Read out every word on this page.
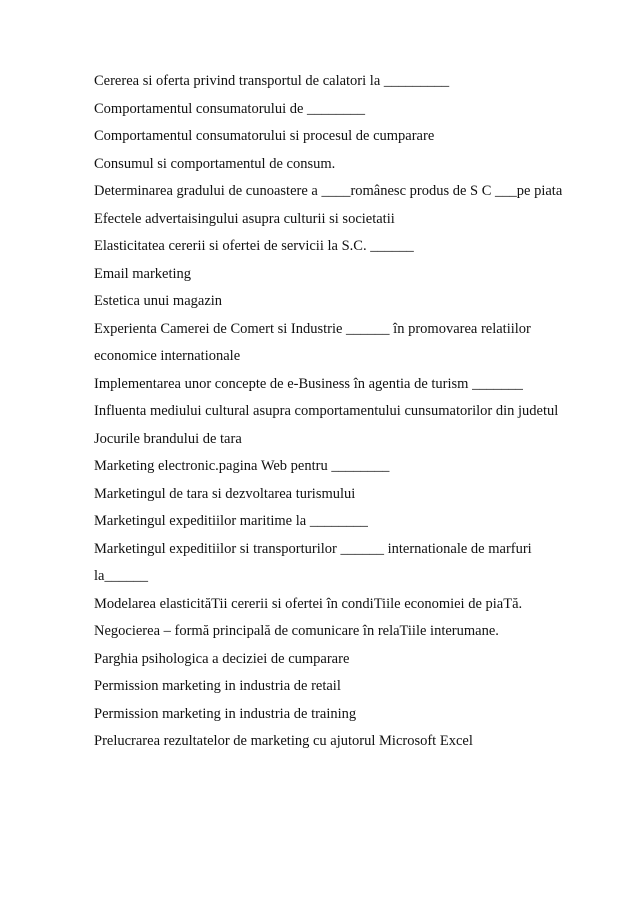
Cererea si oferta privind transportul de calatori la _________
Comportamentul consumatorului de ________
Comportamentul consumatorului si procesul de cumparare
Consumul si comportamentul de consum.
Determinarea gradului de cunoastere a ____românesc produs de S C ___pe piata
Efectele advertaisingului asupra culturii si societatii
Elasticitatea cererii si ofertei de servicii la S.C. ______
Email marketing
Estetica unui magazin
Experienta Camerei de Comert si Industrie ______ în promovarea relatiilor
economice internationale
Implementarea unor concepte de e-Business în agentia de turism _______
Influenta mediului cultural asupra comportamentului cunsumatorilor din judetul
Jocurile brandului de tara
Marketing electronic.pagina Web pentru ________
Marketingul de tara si dezvoltarea turismului
Marketingul expeditiilor maritime la ________
Marketingul expeditiilor si transporturilor ______ internationale de marfuri
la______
Modelarea elasticităTii cererii si ofertei în condiTiile economiei de piaTă.
Negocierea – formă principală de comunicare în relaTiile interumane.
Parghia psihologica a deciziei de cumparare
Permission marketing in industria de retail
Permission marketing in industria de training
Prelucrarea rezultatelor de marketing cu ajutorul Microsoft Excel
